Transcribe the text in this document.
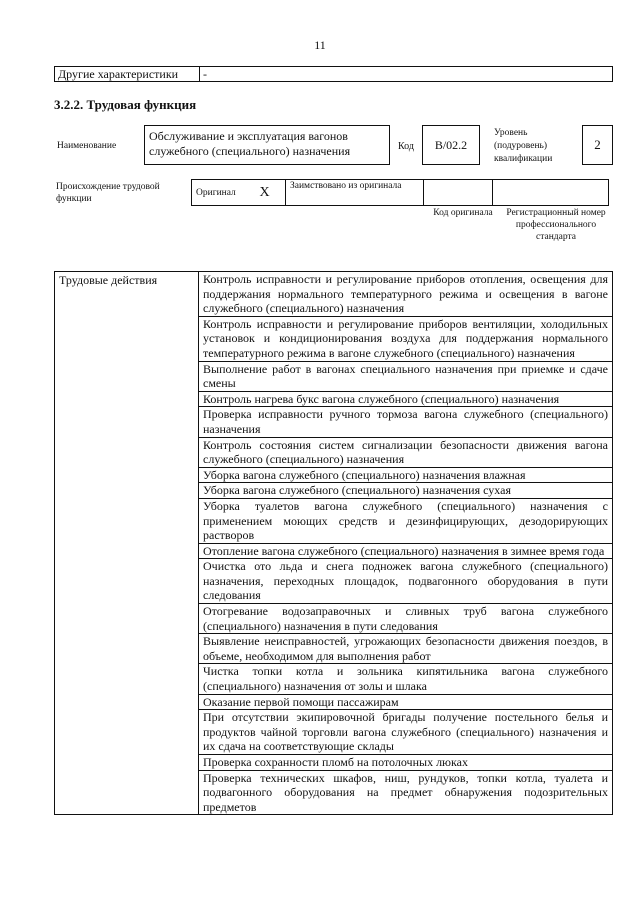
11
Другие характеристики	-
3.2.2. Трудовая функция
Наименование
Обслуживание и эксплуатация вагонов служебного (специального) назначения	Код	В/02.2
Уровень
(подуровень)
квалификации
2
Происхождение трудовой функции
Оригинал	X	Заимствовано из оригинала		
Код оригинала	Регистрационный номер профессионального стандарта
Трудовые действия	Контроль исправности и регулирование приборов отопления, освещения для поддержания нормального температурного режима и освещения в вагоне служебного (специального) назначения
Контроль исправности и регулирование приборов вентиляции, холодильных установок и кондиционирования воздуха для поддержания нормального температурного режима в вагоне служебного (специального) назначения
Выполнение работ в вагонах специального назначения при приемке и сдаче смены
Контроль нагрева букс вагона служебного (специального) назначения
Проверка исправности ручного тормоза вагона служебного (специального) назначения
Контроль состояния систем сигнализации безопасности движения вагона служебного (специального) назначения
Уборка вагона служебного (специального) назначения влажная
Уборка вагона служебного (специального) назначения сухая
Уборка туалетов вагона служебного (специального) назначения с применением моющих средств и дезинфицирующих, дезодорирующих растворов
Отопление вагона служебного (специального) назначения в зимнее время года
Очистка ото льда и снега подножек вагона служебного (специального) назначения, переходных площадок, подвагонного оборудования в пути следования
Отогревание водозаправочных и сливных труб вагона служебного (специального) назначения в пути следования
Выявление неисправностей, угрожающих безопасности движения поездов, в объеме, необходимом для выполнения работ
Чистка топки котла и зольника кипятильника вагона служебного (специального) назначения от золы и шлака
Оказание первой помощи пассажирам
При отсутствии экипировочной бригады получение постельного белья и продуктов чайной торговли вагона служебного (специального) назначения и их сдача на соответствующие склады
Проверка сохранности пломб на потолочных люках
Проверка технических шкафов, ниш, рундуков, топки котла, туалета и подвагонного оборудования на предмет обнаружения подозрительных предметов
